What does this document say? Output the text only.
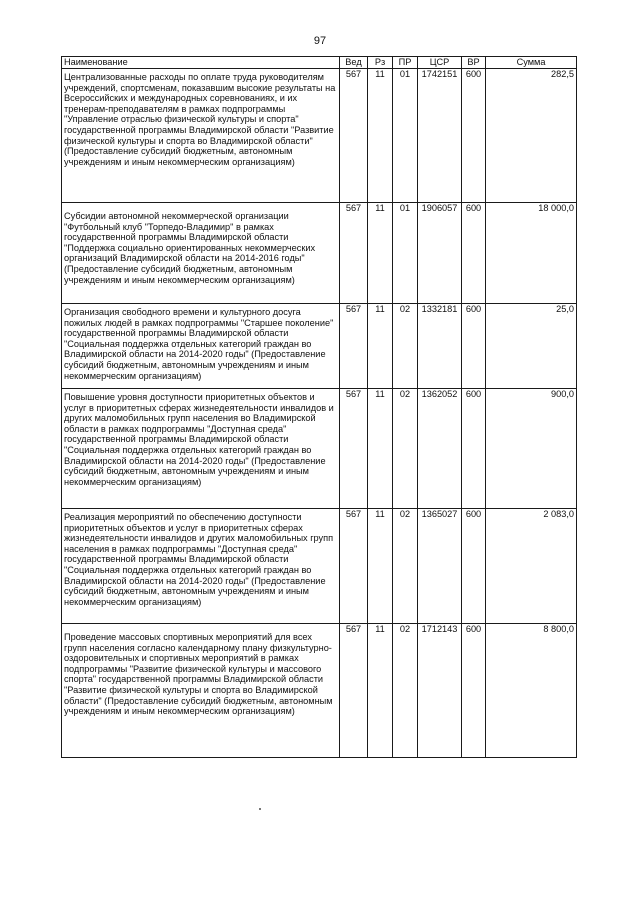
97
Наименование	Вед	Рз	ПР	ЦСР	ВР	Сумма
Централизованные расходы по оплате труда руководителям учреждений, спортсменам, показавшим высокие результаты на Всероссийских и международных соревнованиях, и их тренерам-преподавателям в рамках подпрограммы "Управление отраслью физической культуры и спорта" государственной программы Владимирской области "Развитие физической культуры и спорта во Владимирской области" (Предоставление субсидий бюджетным, автономным учреждениям и иным некоммерческим организациям)	567	11	01	1742151	600	282,5
Субсидии автономной некоммерческой организации "Футбольный клуб "Торпедо-Владимир" в рамках государственной программы Владимирской области "Поддержка социально ориентированных некоммерческих организаций Владимирской области на 2014-2016 годы" (Предоставление субсидий бюджетным, автономным учреждениям и иным некоммерческим организациям)	567	11	01	1906057	600	18 000,0
Организация свободного времени и культурного досуга пожилых людей в рамках подпрограммы "Старшее поколение" государственной программы Владимирской области "Социальная поддержка отдельных категорий граждан во Владимирской области на 2014-2020 годы" (Предоставление субсидий бюджетным, автономным учреждениям и иным некоммерческим организациям)	567	11	02	1332181	600	25,0
Повышение уровня доступности приоритетных объектов и услуг в приоритетных сферах жизнедеятельности инвалидов и других маломобильных групп населения во Владимирской области в рамках подпрограммы "Доступная среда" государственной программы Владимирской области "Социальная поддержка отдельных категорий граждан во Владимирской области на 2014-2020 годы" (Предоставление субсидий бюджетным, автономным учреждениям и иным некоммерческим организациям)	567	11	02	1362052	600	900,0
Реализация мероприятий по обеспечению доступности приоритетных объектов и услуг в приоритетных сферах жизнедеятельности инвалидов и других маломобильных групп населения в рамках подпрограммы "Доступная среда" государственной программы Владимирской области "Социальная поддержка отдельных категорий граждан во Владимирской области на 2014-2020 годы" (Предоставление субсидий бюджетным, автономным учреждениям и иным некоммерческим организациям)	567	11	02	1365027	600	2 083,0
Проведение массовых спортивных мероприятий для всех групп населения согласно календарному плану физкультурно-оздоровительных и спортивных мероприятий в рамках подпрограммы "Развитие физической культуры и массового спорта" государственной программы Владимирской области "Развитие физической культуры и спорта во Владимирской области" (Предоставление субсидий бюджетным, автономным учреждениям и иным некоммерческим организациям)	567	11	02	1712143	600	8 800,0
